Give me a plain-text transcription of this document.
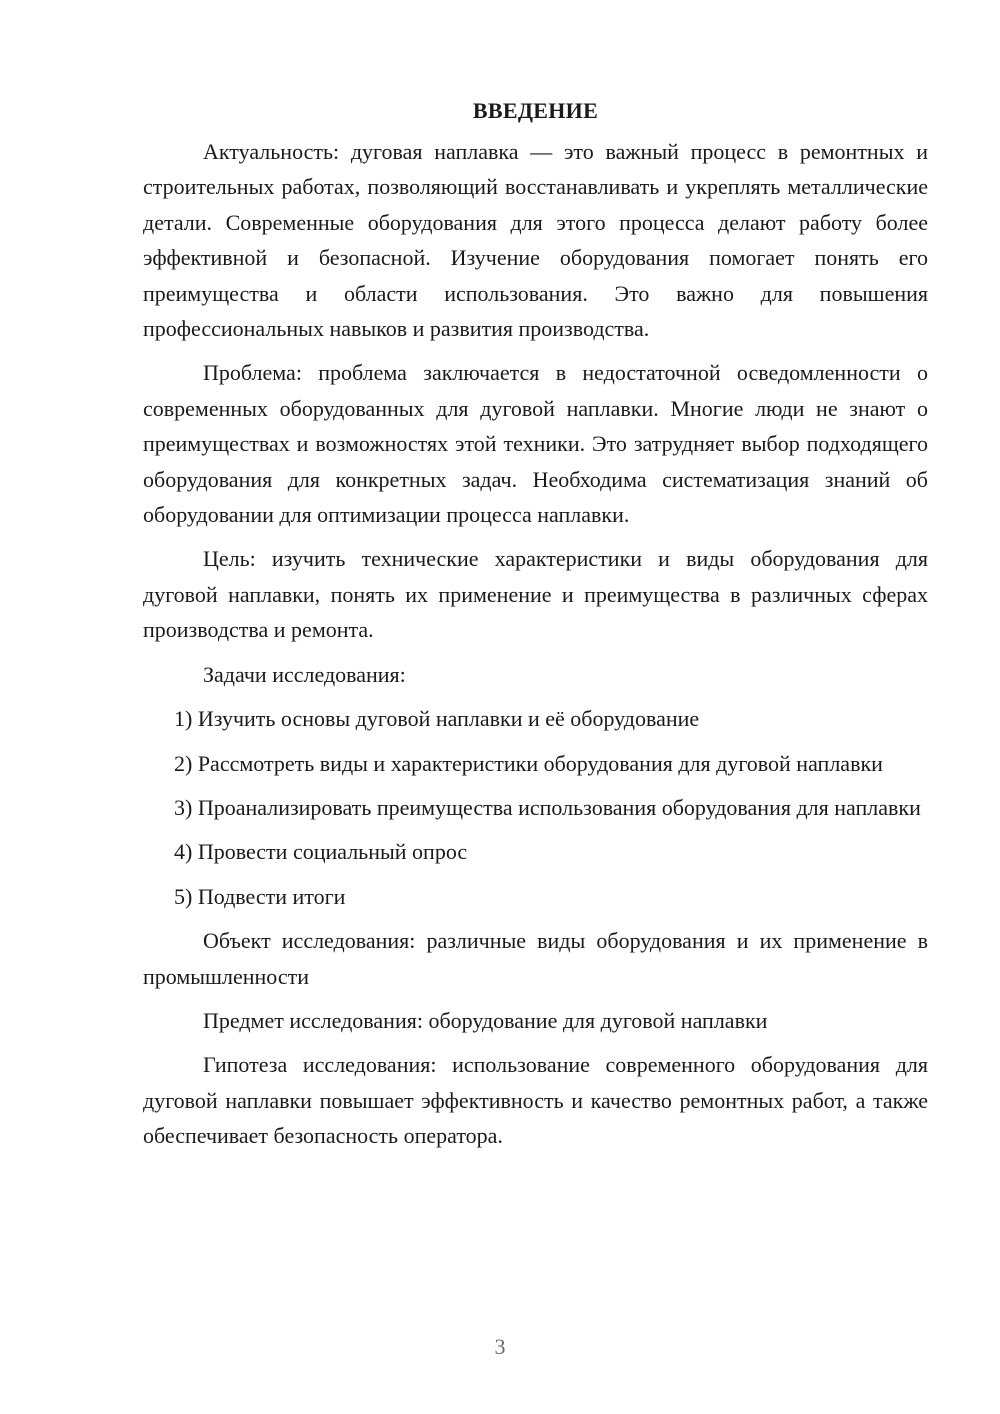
ВВЕДЕНИЕ

Актуальность: дуговая наплавка — это важный процесс в ремонтных и строительных работах, позволяющий восстанавливать и укреплять металлические детали. Современные оборудования для этого процесса делают работу более эффективной и безопасной. Изучение оборудования помогает понять его преимущества и области использования. Это важно для повышения профессиональных навыков и развития производства.

Проблема: проблема заключается в недостаточной осведомленности о современных оборудованных для дуговой наплавки. Многие люди не знают о преимуществах и возможностях этой техники. Это затрудняет выбор подходящего оборудования для конкретных задач. Необходима систематизация знаний об оборудовании для оптимизации процесса наплавки.

Цель: изучить технические характеристики и виды оборудования для дуговой наплавки, понять их применение и преимущества в различных сферах производства и ремонта.

Задачи исследования:

1) Изучить основы дуговой наплавки и её оборудование

2) Рассмотреть виды и характеристики оборудования для дуговой наплавки

3) Проанализировать преимущества использования оборудования для наплавки

4) Провести социальный опрос

5) Подвести итоги

Объект исследования: различные виды оборудования и их применение в промышленности

Предмет исследования: оборудование для дуговой наплавки

Гипотеза исследования: использование современного оборудования для дуговой наплавки повышает эффективность и качество ремонтных работ, а также обеспечивает безопасность оператора.

3
